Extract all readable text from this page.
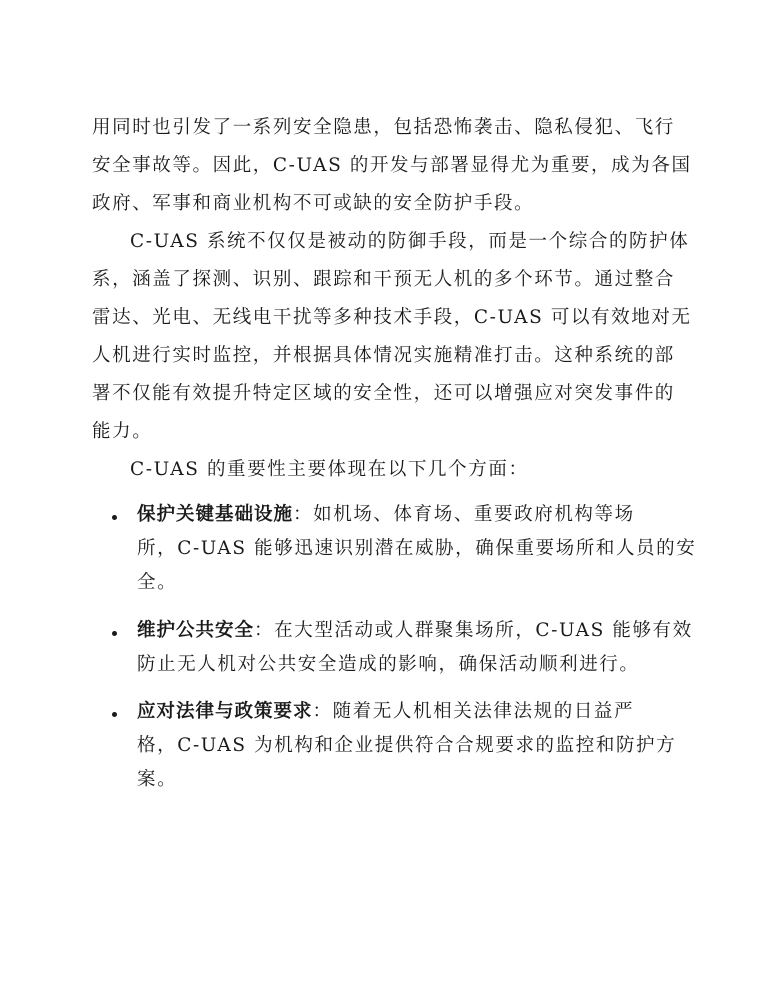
用同时也引发了一系列安全隐患，包括恐怖袭击、隐私侵犯、飞行
安全事故等。因此，C-UAS 的开发与部署显得尤为重要，成为各国
政府、军事和商业机构不可或缺的安全防护手段。
C-UAS 系统不仅仅是被动的防御手段，而是一个综合的防护体
系，涵盖了探测、识别、跟踪和干预无人机的多个环节。通过整合
雷达、光电、无线电干扰等多种技术手段，C-UAS 可以有效地对无
人机进行实时监控，并根据具体情况实施精准打击。这种系统的部
署不仅能有效提升特定区域的安全性，还可以增强应对突发事件的
能力。
C-UAS 的重要性主要体现在以下几个方面：
保护关键基础设施：如机场、体育场、重要政府机构等场
所，C-UAS 能够迅速识别潜在威胁，确保重要场所和人员的安
全。
维护公共安全：在大型活动或人群聚集场所，C-UAS 能够有效
防止无人机对公共安全造成的影响，确保活动顺利进行。
应对法律与政策要求：随着无人机相关法律法规的日益严
格，C-UAS 为机构和企业提供符合合规要求的监控和防护方
案。
